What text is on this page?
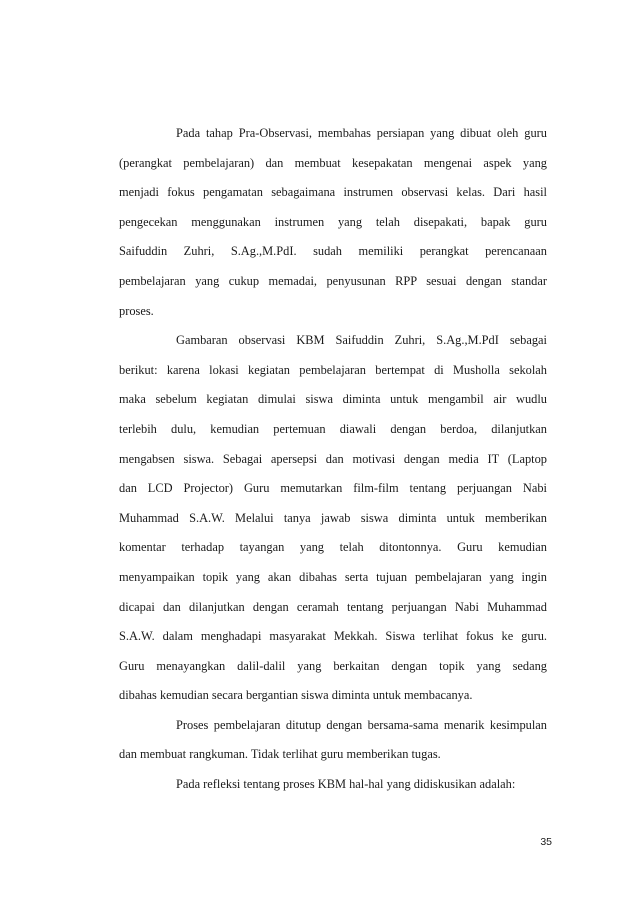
Pada tahap Pra-Observasi, membahas persiapan yang dibuat oleh guru
(perangkat pembelajaran) dan membuat kesepakatan mengenai aspek yang
menjadi fokus pengamatan sebagaimana instrumen observasi kelas. Dari hasil
pengecekan menggunakan instrumen yang telah disepakati, bapak guru
Saifuddin Zuhri, S.Ag.,M.PdI. sudah memiliki perangkat perencanaan
pembelajaran yang cukup memadai, penyusunan RPP sesuai dengan standar
proses.
Gambaran observasi KBM Saifuddin Zuhri, S.Ag.,M.PdI sebagai
berikut: karena lokasi kegiatan pembelajaran bertempat di Musholla sekolah
maka sebelum kegiatan dimulai siswa diminta untuk mengambil air wudlu
terlebih dulu, kemudian pertemuan diawali dengan berdoa, dilanjutkan
mengabsen siswa. Sebagai apersepsi dan motivasi dengan media IT (Laptop
dan LCD Projector) Guru memutarkan film-film tentang perjuangan Nabi
Muhammad S.A.W. Melalui tanya jawab siswa diminta untuk memberikan
komentar terhadap tayangan yang telah ditontonnya. Guru kemudian
menyampaikan topik yang akan dibahas serta tujuan pembelajaran yang ingin
dicapai dan dilanjutkan dengan ceramah tentang perjuangan Nabi Muhammad
S.A.W. dalam menghadapi masyarakat Mekkah. Siswa terlihat fokus ke guru.
Guru menayangkan dalil-dalil yang berkaitan dengan topik yang sedang
dibahas kemudian secara bergantian siswa diminta untuk membacanya.
Proses pembelajaran ditutup dengan bersama-sama menarik kesimpulan
dan membuat rangkuman. Tidak terlihat guru memberikan tugas.
Pada refleksi tentang proses KBM hal-hal yang didiskusikan adalah:
35
